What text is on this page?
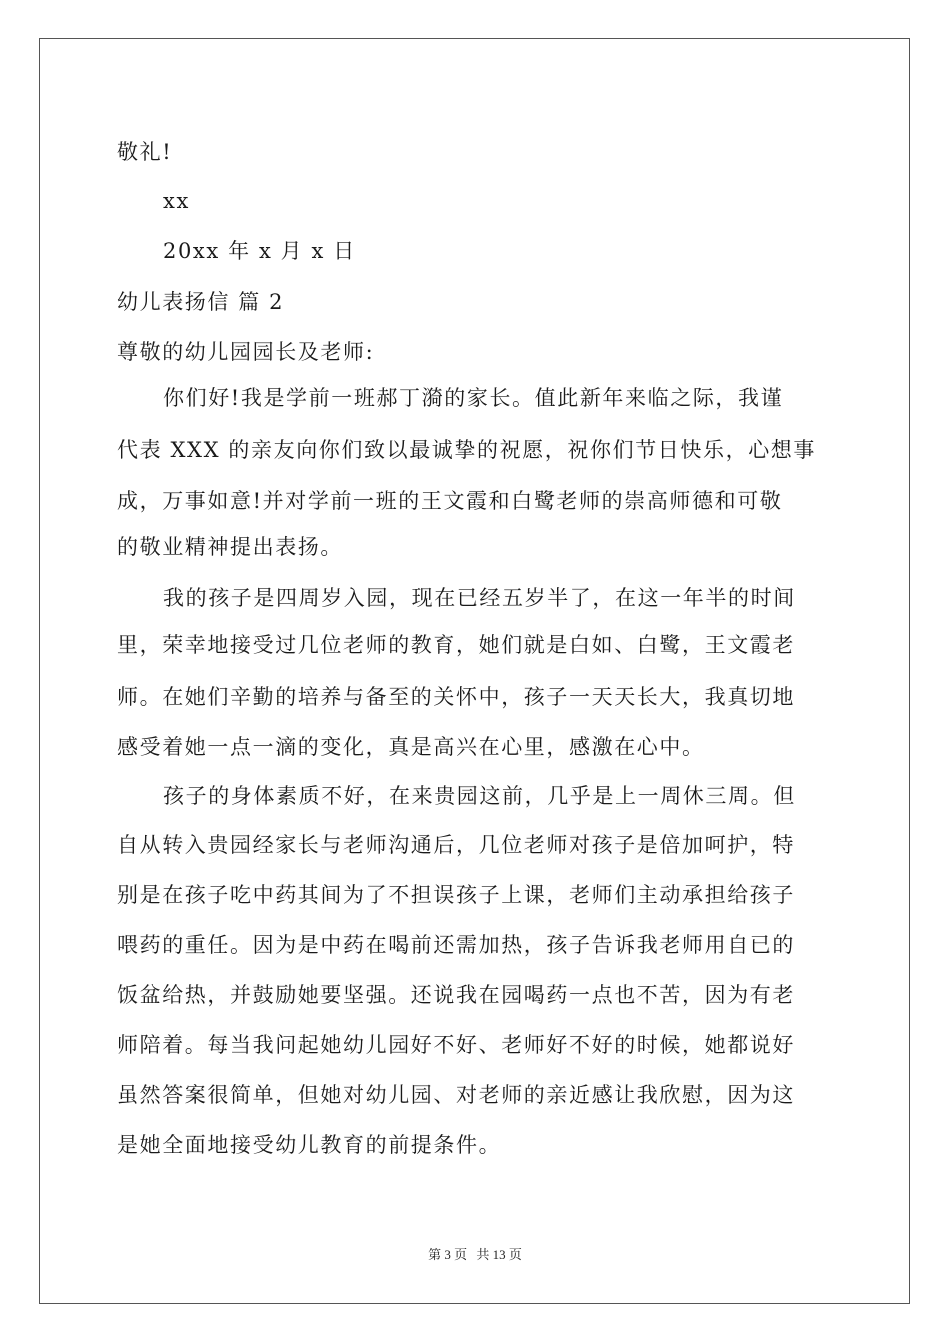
敬礼!
xx
20xx 年 x 月 x 日
幼儿表扬信 篇 2
尊敬的幼儿园园长及老师:
你们好!我是学前一班郝丁漪的家长。值此新年来临之际，我谨
代表 XXX 的亲友向你们致以最诚挚的祝愿，祝你们节日快乐，心想事
成，万事如意!并对学前一班的王文霞和白鹭老师的崇高师德和可敬
的敬业精神提出表扬。
我的孩子是四周岁入园，现在已经五岁半了，在这一年半的时间
里，荣幸地接受过几位老师的教育，她们就是白如、白鹭，王文霞老
师。在她们辛勤的培养与备至的关怀中，孩子一天天长大，我真切地
感受着她一点一滴的变化，真是高兴在心里，感激在心中。
孩子的身体素质不好，在来贵园这前，几乎是上一周休三周。但
自从转入贵园经家长与老师沟通后，几位老师对孩子是倍加呵护，特
别是在孩子吃中药其间为了不担误孩子上课，老师们主动承担给孩子
喂药的重任。因为是中药在喝前还需加热，孩子告诉我老师用自已的
饭盆给热，并鼓励她要坚强。还说我在园喝药一点也不苦，因为有老
师陪着。每当我问起她幼儿园好不好、老师好不好的时候，她都说好
虽然答案很简单，但她对幼儿园、对老师的亲近感让我欣慰，因为这
是她全面地接受幼儿教育的前提条件。
第 3 页 共 13 页
